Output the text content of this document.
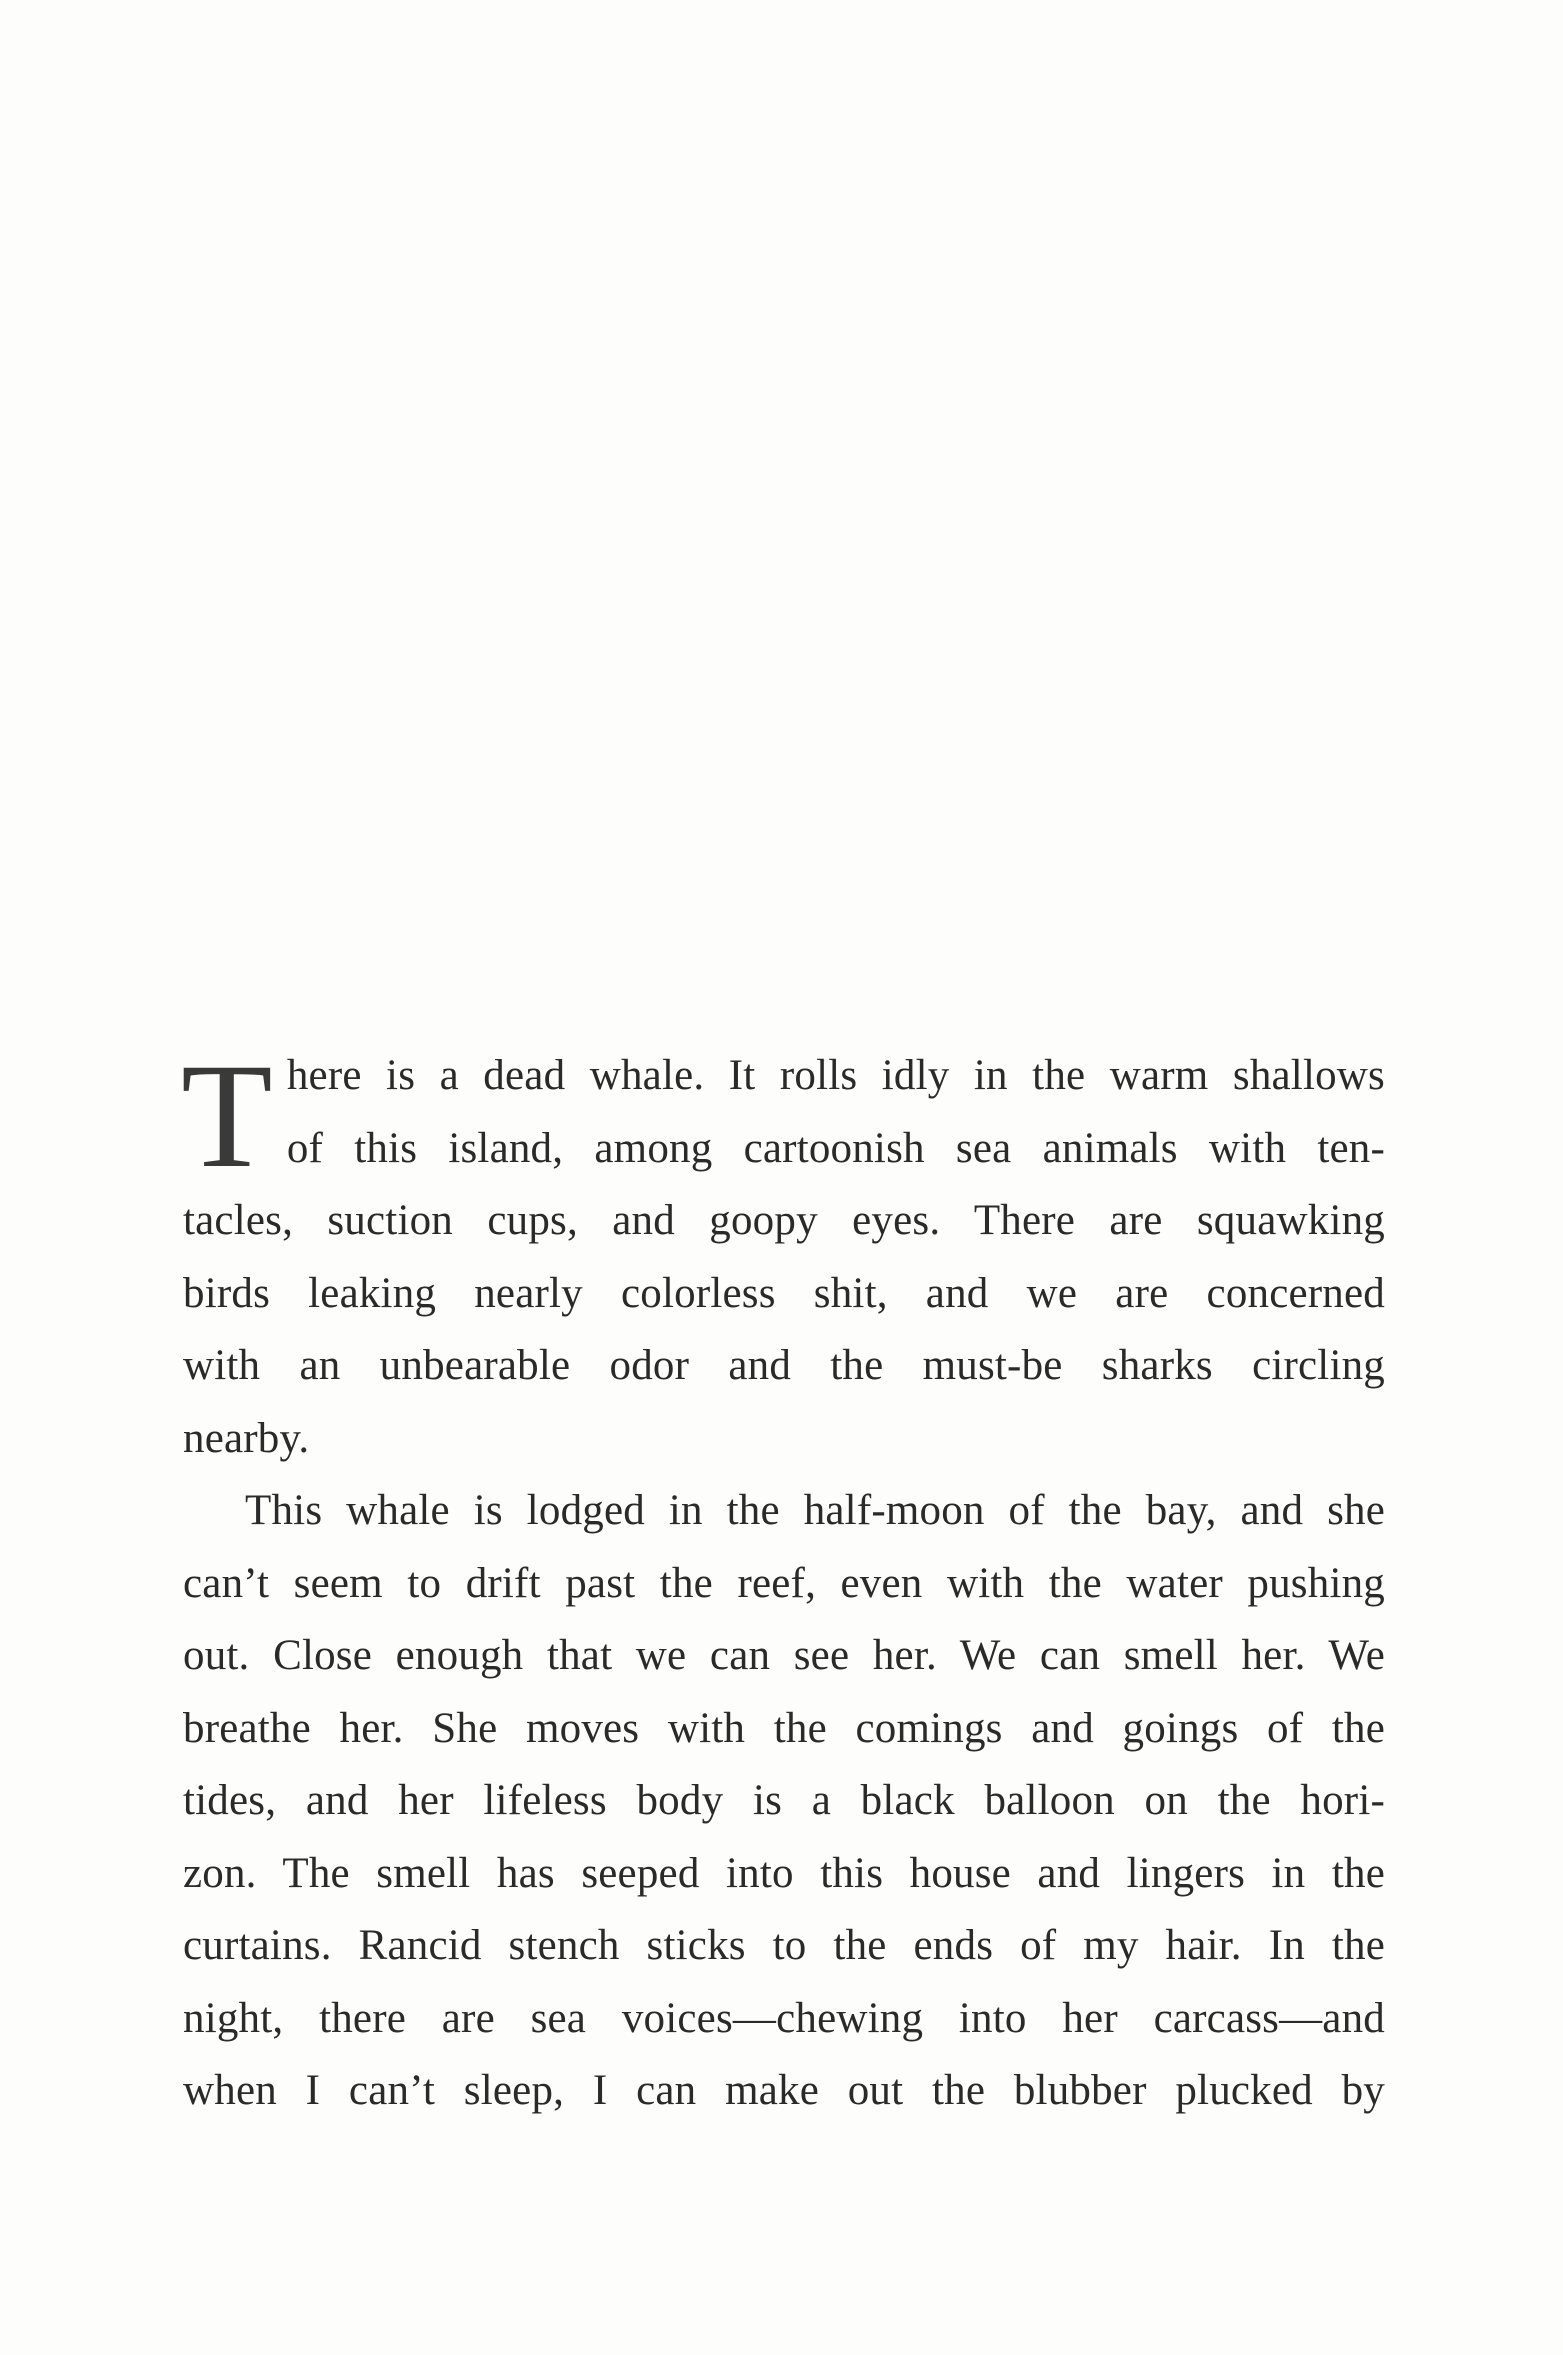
T here is a dead whale. It rolls idly in the warm shallows
of this island, among cartoonish sea animals with ten-
tacles, suction cups, and goopy eyes. There are squawking
birds leaking nearly colorless shit, and we are concerned
with an unbearable odor and the must-be sharks circling
nearby.

This whale is lodged in the half-moon of the bay, and she
can’t seem to drift past the reef, even with the water pushing
out. Close enough that we can see her. We can smell her. We
breathe her. She moves with the comings and goings of the
tides, and her lifeless body is a black balloon on the hori-
zon. The smell has seeped into this house and lingers in the
curtains. Rancid stench sticks to the ends of my hair. In the
night, there are sea voices—chewing into her carcass—and
when I can’t sleep, I can make out the blubber plucked by
